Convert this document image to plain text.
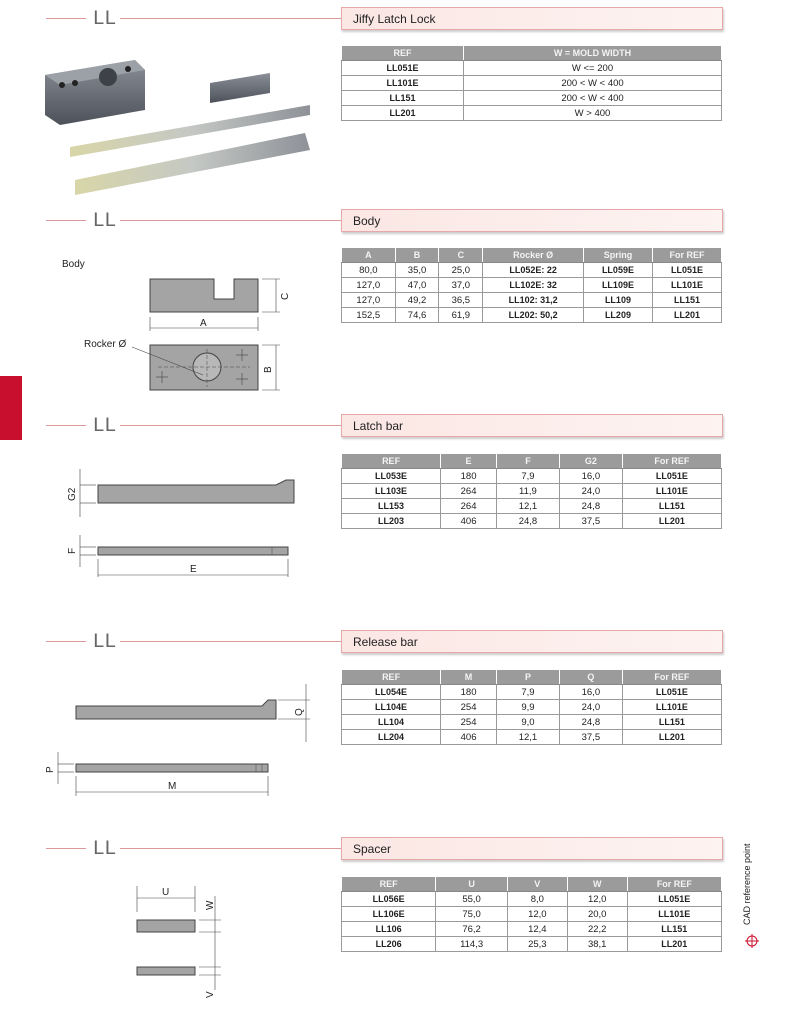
LL	Jiffy Latch Lock
REF	W = MOLD WIDTH
LL051E	W <= 200
LL101E	200 < W < 400
LL151	200 < W < 400
LL201	W > 400
LL	Body
Body
A
C
B
Rocker Ø
A	B	C	Rocker Ø	Spring	For REF
80,0	35,0	25,0	LL052E: 22	LL059E	LL051E
127,0	47,0	37,0	LL102E: 32	LL109E	LL101E
127,0	49,2	36,5	LL102: 31,2	LL109	LL151
152,5	74,6	61,9	LL202: 50,2	LL209	LL201
LL	Latch bar
G2
F
E
REF	E	F	G2	For REF
LL053E	180	7,9	16,0	LL051E
LL103E	264	11,9	24,0	LL101E
LL153	264	12,1	24,8	LL151
LL203	406	24,8	37,5	LL201
LL	Release bar
Q
P
M
REF	M	P	Q	For REF
LL054E	180	7,9	16,0	LL051E
LL104E	254	9,9	24,0	LL101E
LL104	254	9,0	24,8	LL151
LL204	406	12,1	37,5	LL201
LL	Spacer
U
W
V
REF	U	V	W	For REF
LL056E	55,0	8,0	12,0	LL051E
LL106E	75,0	12,0	20,0	LL101E
LL106	76,2	12,4	22,2	LL151
LL206	114,3	25,3	38,1	LL201
CAD reference point
